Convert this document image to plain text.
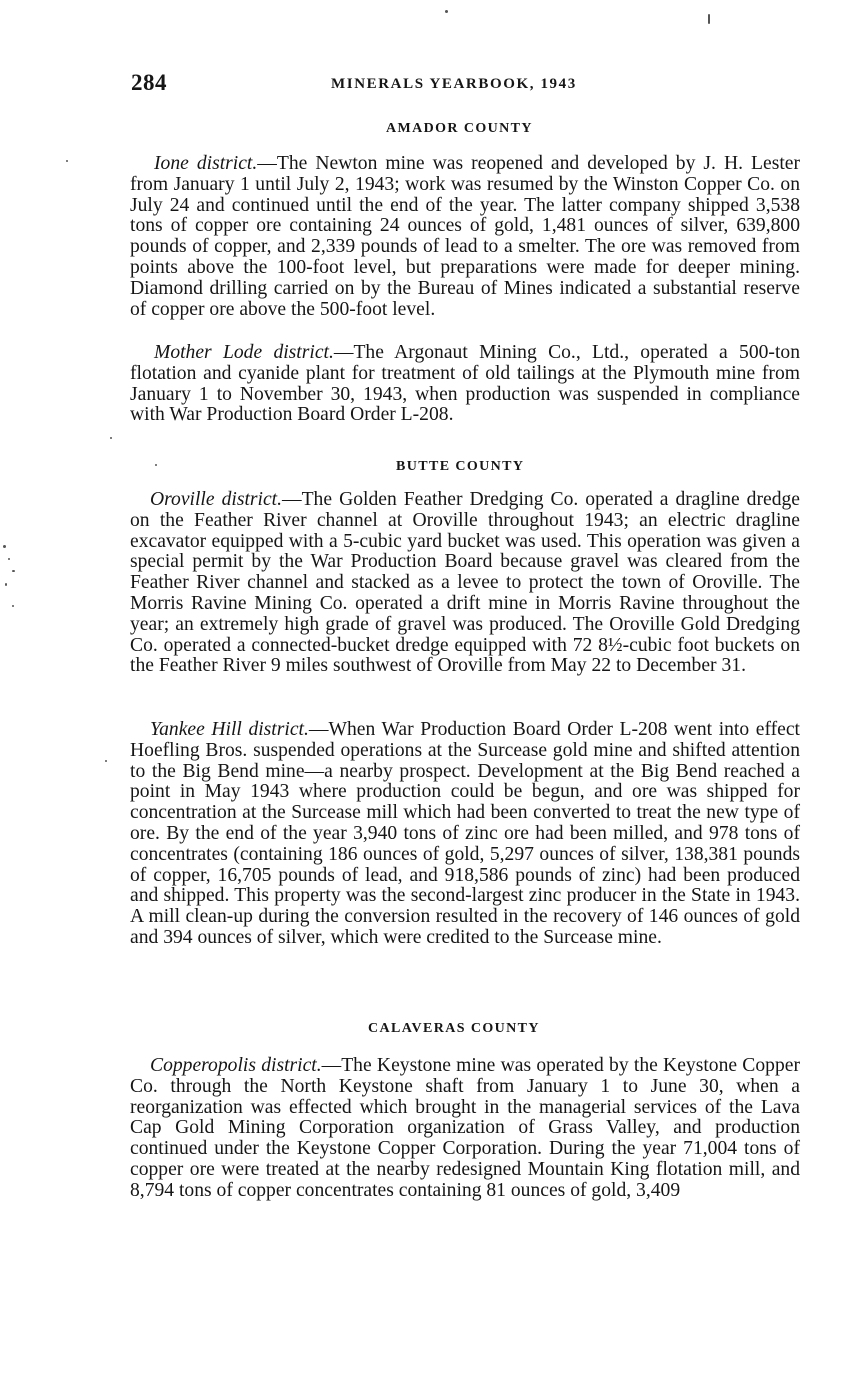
284	MINERALS YEARBOOK, 1943
AMADOR COUNTY

Ione district.—The Newton mine was reopened and developed by J. H. Lester from January 1 until July 2, 1943; work was resumed by the Winston Copper Co. on July 24 and continued until the end of the year. The latter company shipped 3,538 tons of copper ore containing 24 ounces of gold, 1,481 ounces of silver, 639,800 pounds of copper, and 2,339 pounds of lead to a smelter. The ore was removed from points above the 100-foot level, but preparations were made for deeper mining. Diamond drilling carried on by the Bureau of Mines indicated a substantial reserve of copper ore above the 500-foot level.

Mother Lode district.—The Argonaut Mining Co., Ltd., operated a 500-ton flotation and cyanide plant for treatment of old tailings at the Plymouth mine from January 1 to November 30, 1943, when production was suspended in compliance with War Production Board Order L-208.

BUTTE COUNTY

Oroville district.—The Golden Feather Dredging Co. operated a dragline dredge on the Feather River channel at Oroville throughout 1943; an electric dragline excavator equipped with a 5-cubic yard bucket was used. This operation was given a special permit by the War Production Board because gravel was cleared from the Feather River channel and stacked as a levee to protect the town of Oroville. The Morris Ravine Mining Co. operated a drift mine in Morris Ravine throughout the year; an extremely high grade of gravel was produced. The Oroville Gold Dredging Co. operated a connected-bucket dredge equipped with 72 8½-cubic foot buckets on the Feather River 9 miles southwest of Oroville from May 22 to December 31.

Yankee Hill district.—When War Production Board Order L-208 went into effect Hoefling Bros. suspended operations at the Surcease gold mine and shifted attention to the Big Bend mine—a nearby prospect. Development at the Big Bend reached a point in May 1943 where production could be begun, and ore was shipped for concentration at the Surcease mill which had been converted to treat the new type of ore. By the end of the year 3,940 tons of zinc ore had been milled, and 978 tons of concentrates (containing 186 ounces of gold, 5,297 ounces of silver, 138,381 pounds of copper, 16,705 pounds of lead, and 918,586 pounds of zinc) had been produced and shipped. This property was the second-largest zinc producer in the State in 1943. A mill clean-up during the conversion resulted in the recovery of 146 ounces of gold and 394 ounces of silver, which were credited to the Surcease mine.

CALAVERAS COUNTY

Copperopolis district.—The Keystone mine was operated by the Keystone Copper Co. through the North Keystone shaft from January 1 to June 30, when a reorganization was effected which brought in the managerial services of the Lava Cap Gold Mining Corporation organization of Grass Valley, and production continued under the Keystone Copper Corporation. During the year 71,004 tons of copper ore were treated at the nearby redesigned Mountain King flotation mill, and 8,794 tons of copper concentrates containing 81 ounces of gold, 3,409
